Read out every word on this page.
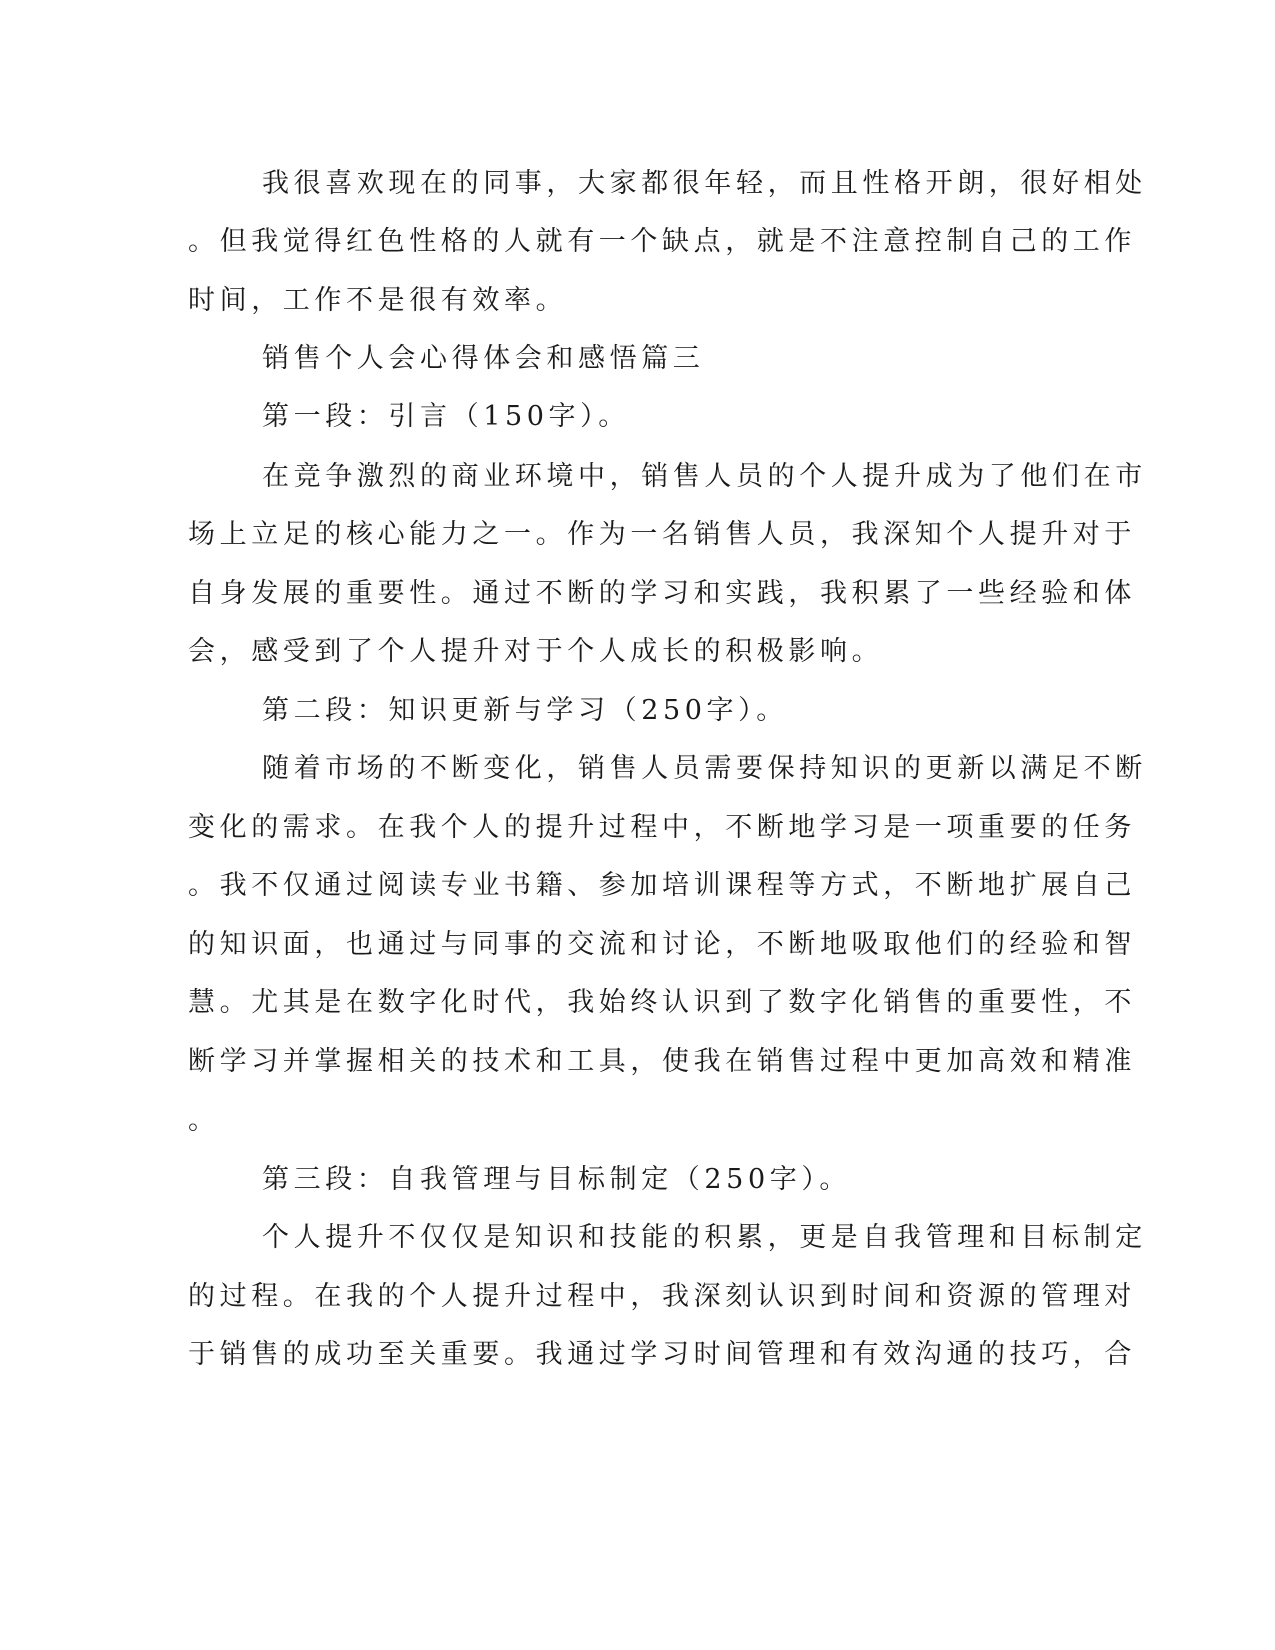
我很喜欢现在的同事，大家都很年轻，而且性格开朗，很好相处
。但我觉得红色性格的人就有一个缺点，就是不注意控制自己的工作
时间，工作不是很有效率。
销售个人会心得体会和感悟篇三
第一段：引言（150字）。
在竞争激烈的商业环境中，销售人员的个人提升成为了他们在市
场上立足的核心能力之一。作为一名销售人员，我深知个人提升对于
自身发展的重要性。通过不断的学习和实践，我积累了一些经验和体
会，感受到了个人提升对于个人成长的积极影响。
第二段：知识更新与学习（250字）。
随着市场的不断变化，销售人员需要保持知识的更新以满足不断
变化的需求。在我个人的提升过程中，不断地学习是一项重要的任务
。我不仅通过阅读专业书籍、参加培训课程等方式，不断地扩展自己
的知识面，也通过与同事的交流和讨论，不断地吸取他们的经验和智
慧。尤其是在数字化时代，我始终认识到了数字化销售的重要性，不
断学习并掌握相关的技术和工具，使我在销售过程中更加高效和精准
。
第三段：自我管理与目标制定（250字）。
个人提升不仅仅是知识和技能的积累，更是自我管理和目标制定
的过程。在我的个人提升过程中，我深刻认识到时间和资源的管理对
于销售的成功至关重要。我通过学习时间管理和有效沟通的技巧，合
